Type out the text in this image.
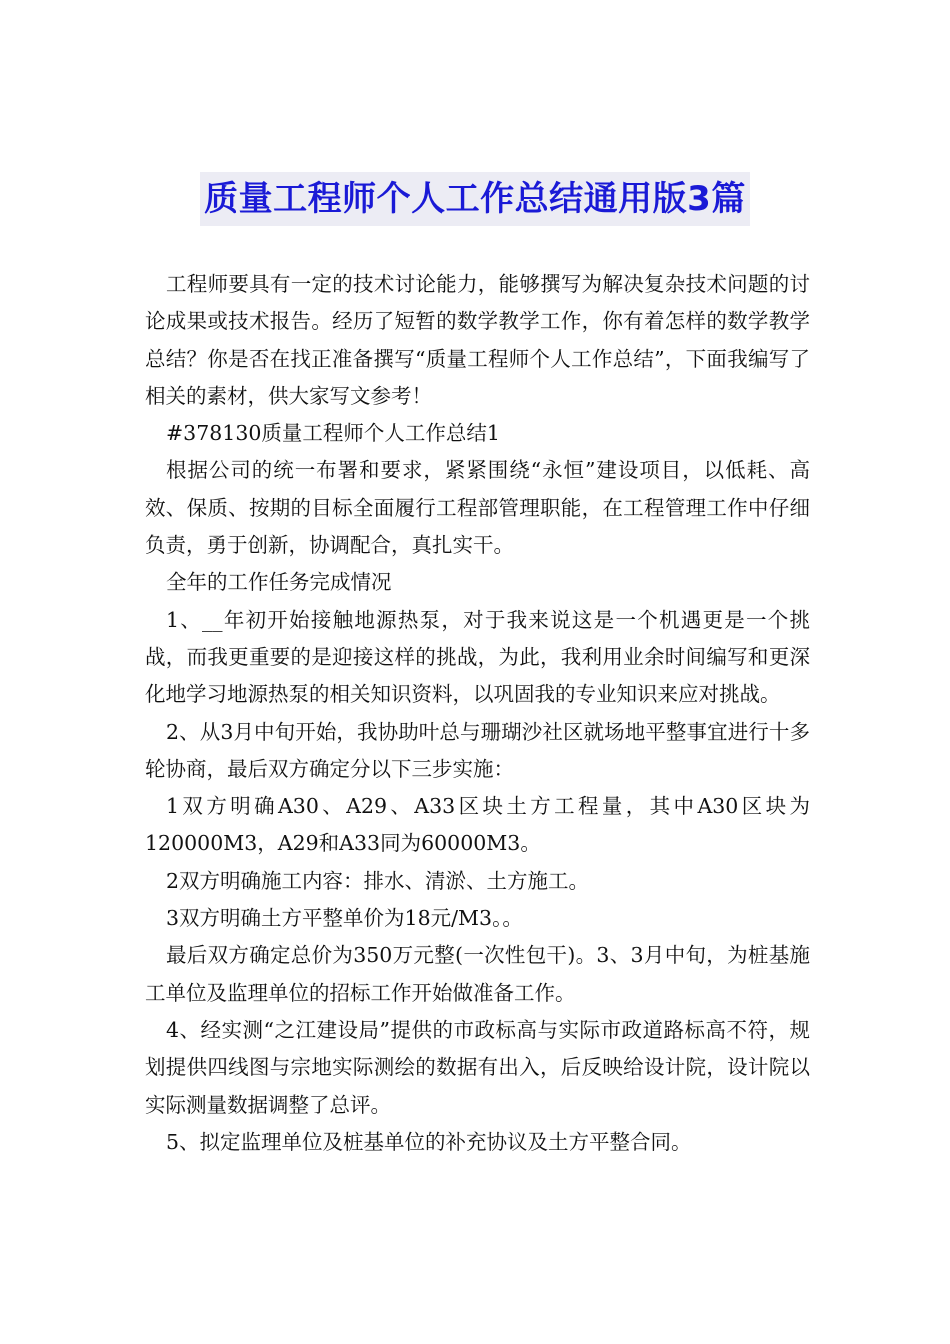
质量工程师个人工作总结通用版3篇

工程师要具有一定的技术讨论能力，能够撰写为解决复杂技术问题的讨论成果或技术报告。经历了短暂的数学教学工作，你有着怎样的数学教学总结？你是否在找正准备撰写“质量工程师个人工作总结”，下面我编写了相关的素材，供大家写文参考！

#378130质量工程师个人工作总结1

根据公司的统一布署和要求，紧紧围绕“永恒”建设项目，以低耗、高效、保质、按期的目标全面履行工程部管理职能，在工程管理工作中仔细负责，勇于创新，协调配合，真扎实干。

全年的工作任务完成情况

1、__年初开始接触地源热泵，对于我来说这是一个机遇更是一个挑战，而我更重要的是迎接这样的挑战，为此，我利用业余时间编写和更深化地学习地源热泵的相关知识资料，以巩固我的专业知识来应对挑战。

2、从3月中旬开始，我协助叶总与珊瑚沙社区就场地平整事宜进行十多轮协商，最后双方确定分以下三步实施：

1双方明确A30、A29、A33区块土方工程量，其中A30区块为120000M3，A29和A33同为60000M3。

2双方明确施工内容：排水、清淤、土方施工。

3双方明确土方平整单价为18元/M3。。

最后双方确定总价为350万元整(一次性包干)。3、3月中旬，为桩基施工单位及监理单位的招标工作开始做准备工作。

4、经实测“之江建设局”提供的市政标高与实际市政道路标高不符，规划提供四线图与宗地实际测绘的数据有出入，后反映给设计院，设计院以实际测量数据调整了总评。

5、拟定监理单位及桩基单位的补充协议及土方平整合同。
